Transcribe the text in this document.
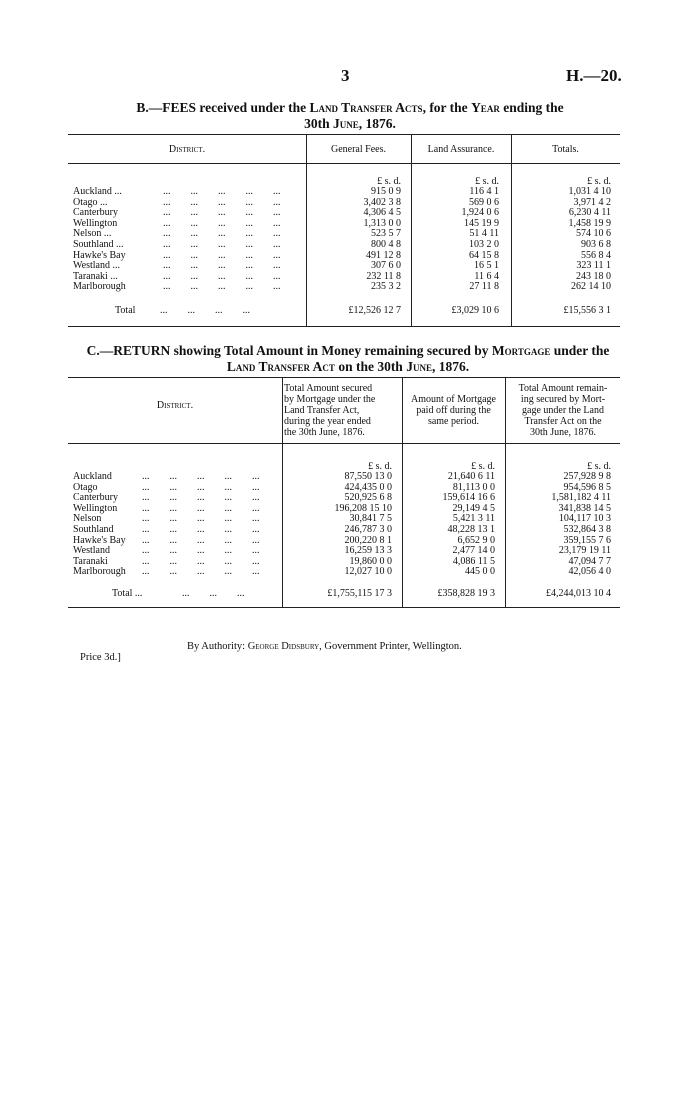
3	H.—20.
B.—FEES received under the Land Transfer Acts, for the Year ending the
30th June, 1876.
District.	General Fees.	Land Assurance.	Totals.
£ s. d.	£ s. d.	£ s. d.
Auckland ...	...        ...        ...        ...        ...	915 0 9	116 4 1	1,031 4 10
Otago ...	...        ...        ...        ...        ...	3,402 3 8	569 0 6	3,971 4 2
Canterbury	...        ...        ...        ...        ...	4,306 4 5	1,924 0 6	6,230 4 11
Wellington	...        ...        ...        ...        ...	1,313 0 0	145 19 9	1,458 19 9
Nelson ...	...        ...        ...        ...        ...	523 5 7	51 4 11	574 10 6
Southland ...	...        ...        ...        ...        ...	800 4 8	103 2 0	903 6 8
Hawke's Bay	...        ...        ...        ...        ...	491 12 8	64 15 8	556 8 4
Westland ...	...        ...        ...        ...        ...	307 6 0	16 5 1	323 11 1
Taranaki ...	...        ...        ...        ...        ...	232 11 8	11 6 4	243 18 0
Marlborough	...        ...        ...        ...        ...	235 3 2	27 11 8	262 14 10
Total ...        ...        ...        ...	£12,526 12 7	£3,029 10 6	£15,556 3 1
C.—RETURN showing Total Amount in Money remaining secured by Mortgage under the
Land Transfer Act on the 30th June, 1876.
District.
Total Amount secured
by Mortgage under the
Land Transfer Act,
during the year ended
the 30th June, 1876.
Amount of Mortgage
paid off during the
same period.
Total Amount remain-
ing secured by Mort-
gage under the Land
Transfer Act on the
30th June, 1876.
£ s. d.	£ s. d.	£ s. d.
Auckland	...        ...        ...        ...        ...	87,550 13 0	21,640 6 11	257,928 9 8
Otago	...        ...        ...        ...        ...	424,435 0 0	81,113 0 0	954,596 8 5
Canterbury ...        ...        ...        ...        ...	520,925 6 8	159,614 16 6	1,581,182 4 11
Wellington ...        ...        ...        ...        ...	196,208 15 10	29,149 4 5	341,838 14 5
Nelson	...        ...        ...        ...        ...	30,841 7 5	5,421 3 11	104,117 10 3
Southland	...        ...        ...        ...        ...	246,787 3 0	48,228 13 1	532,864 3 8
Hawke's Bay ...        ...        ...        ...        ...	200,220 8 1	6,652 9 0	359,155 7 6
Westland	...        ...        ...        ...        ...	16,259 13 3	2,477 14 0	23,179 19 11
Taranaki	...        ...        ...        ...        ...	19,860 0 0	4,086 11 5	47,094 7 7
Marlborough ...        ...        ...        ...        ...	12,027 10 0	445 0 0	42,056 4 0
Total ...	...        ...        ...	£1,755,115 17 3	£358,828 19 3	£4,244,013 10 4
By Authority: George Didsbury, Government Printer, Wellington.
Price 3d.]
